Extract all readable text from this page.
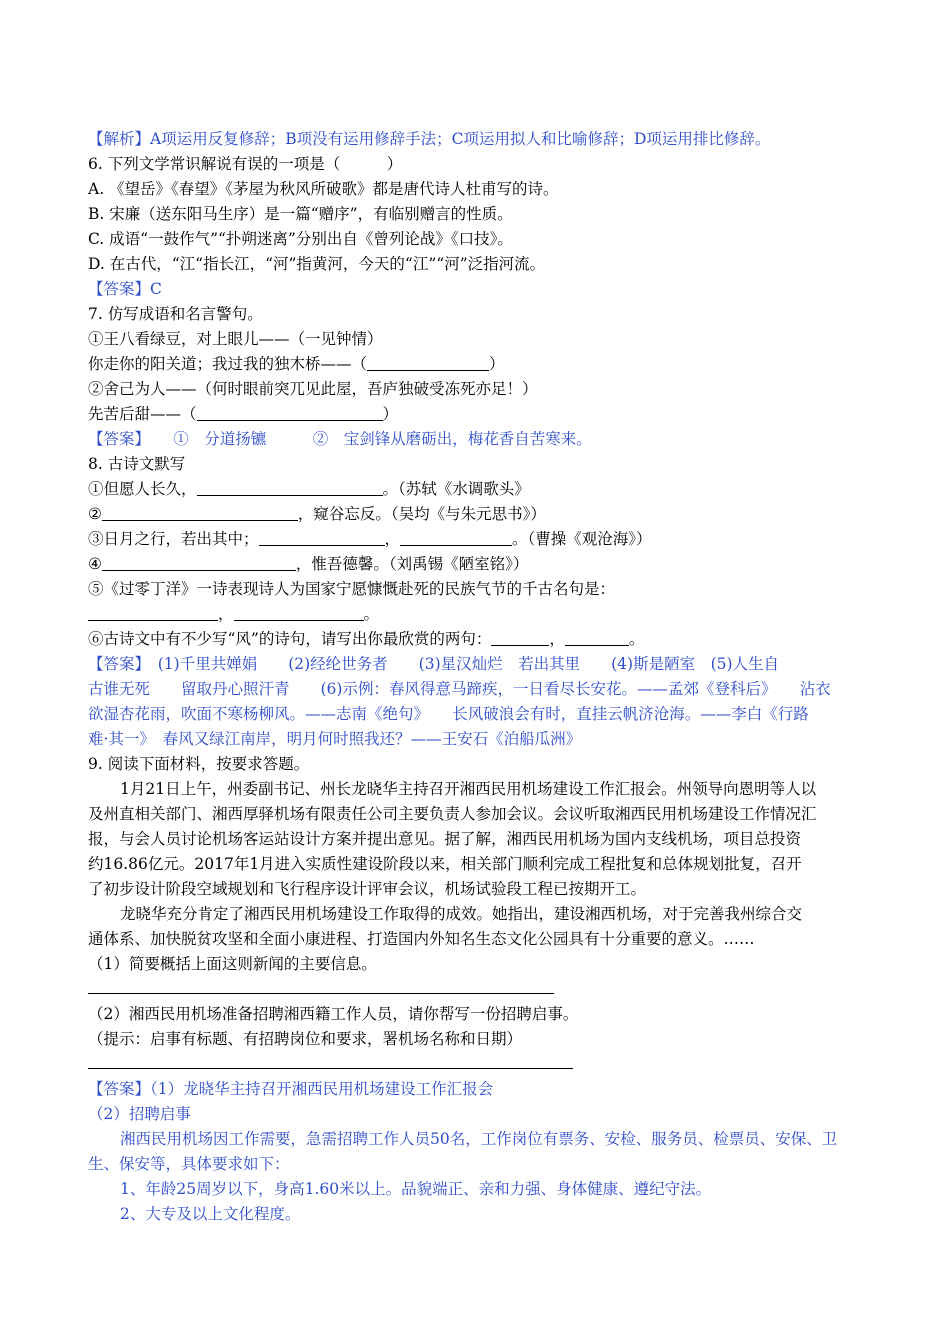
【解析】A项运用反复修辞；B项没有运用修辞手法；C项运用拟人和比喻修辞；D项运用排比修辞。
6. 下列文学常识解说有误的一项是（　　　）
A. 《望岳》《春望》《茅屋为秋风所破歌》都是唐代诗人杜甫写的诗。
B. 宋廉（送东阳马生序）是一篇“赠序”，有临别赠言的性质。
C. 成语“一鼓作气”“扑朔迷离”分别出自《曾列论战》《口技》。
D. 在古代，“江“指长江，“河”指黄河，今天的“江”“河”泛指河流。
【答案】C
7. 仿写成语和名言警句。
①王八看绿豆，对上眼儿——（一见钟情）
你走你的阳关道；我过我的独木桥——（	）
②舍己为人——（何时眼前突兀见此屋，吾庐独破受冻死亦足！）
先苦后甜——（	）
【答案】　　①　分道扬镳　　　②　宝剑锋从磨砺出，梅花香自苦寒来。
8. 古诗文默写
①但愿人长久，	。（苏轼《水调歌头》
②	，窥谷忘反。（吴均《与朱元思书》）
③日月之行，若出其中；	，	。（曹操《观沧海》）
④	，惟吾德馨。（刘禹锡《陋室铭》）
⑤《过零丁洋》一诗表现诗人为国家宁愿慷慨赴死的民族气节的千古名句是：
，	。
⑥古诗文中有不少写“风”的诗句，请写出你最欣赏的两句：	，	。
【答案】　(1)千里共婵娟　　(2)经纶世务者　　(3)星汉灿烂　若出其里　　(4)斯是陋室　(5)人生自
古谁无死　　留取丹心照汗青　　(6)示例：春风得意马蹄疾，一日看尽长安花。——孟郊《登科后》　　沾衣
欲湿杏花雨，吹面不寒杨柳风。——志南《绝句》　　长风破浪会有时，直挂云帆济沧海。——李白《行路
难·其一》　春风又绿江南岸，明月何时照我还？——王安石《泊船瓜洲》
9. 阅读下面材料，按要求答题。
1月21日上午，州委副书记、州长龙晓华主持召开湘西民用机场建设工作汇报会。州领导向恩明等人以
及州直相关部门、湘西厚驿机场有限责任公司主要负责人参加会议。会议听取湘西民用机场建设工作情况汇
报，与会人员讨论机场客运站设计方案并提出意见。据了解，湘西民用机场为国内支线机场，项目总投资
约16.86亿元。2017年1月进入实质性建设阶段以来，相关部门顺利完成工程批复和总体规划批复，召开
了初步设计阶段空域规划和飞行程序设计评审会议，机场试验段工程已按期开工。
龙晓华充分肯定了湘西民用机场建设工作取得的成效。她指出，建设湘西机场，对于完善我州综合交
通体系、加快脱贫攻坚和全面小康进程、打造国内外知名生态文化公园具有十分重要的意义。……
（1）简要概括上面这则新闻的主要信息。
（2）湘西民用机场准备招聘湘西籍工作人员，请你帮写一份招聘启事。
（提示：启事有标题、有招聘岗位和要求，署机场名称和日期）
【答案】（1）龙晓华主持召开湘西民用机场建设工作汇报会
（2）招聘启事
湘西民用机场因工作需要，急需招聘工作人员50名，工作岗位有票务、安检、服务员、检票员、安保、卫
生、保安等，具体要求如下：
1、年龄25周岁以下，身高1.60米以上。品貌端正、亲和力强、身体健康、遵纪守法。
2、大专及以上文化程度。
